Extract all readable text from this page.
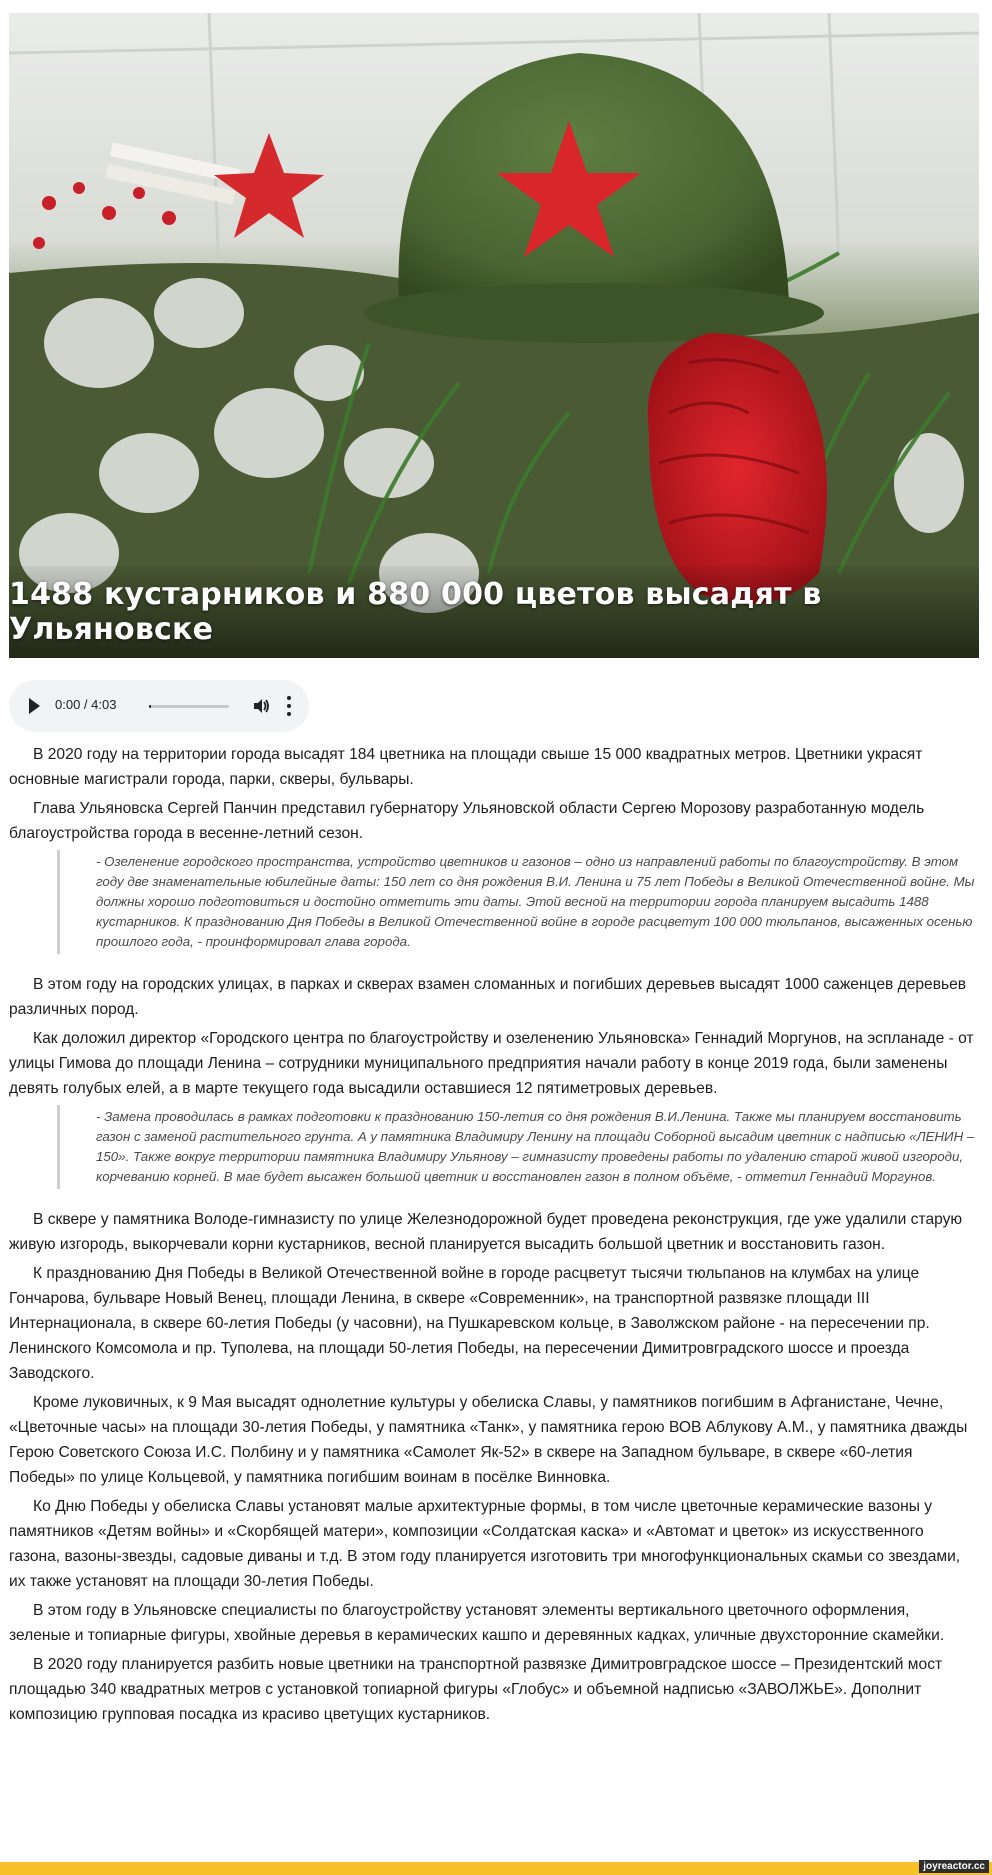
1488 кустарников и 880 000 цветов высадят в Ульяновске
0:00 / 4:03

В 2020 году на территории города высадят 184 цветника на площади свыше 15 000 квадратных метров. Цветники украсят основные магистрали города, парки, скверы, бульвары.

Глава Ульяновска Сергей Панчин представил губернатору Ульяновской области Сергею Морозову разработанную модель благоустройства города в весенне-летний сезон.

- Озеленение городского пространства, устройство цветников и газонов – одно из направлений работы по благоустройству. В этом году две знаменательные юбилейные даты: 150 лет со дня рождения В.И. Ленина и 75 лет Победы в Великой Отечественной войне. Мы должны хорошо подготовиться и достойно отметить эти даты. Этой весной на территории города планируем высадить 1488 кустарников. К празднованию Дня Победы в Великой Отечественной войне в городе расцветут 100 000 тюльпанов, высаженных осенью прошлого года, - проинформировал глава города.

В этом году на городских улицах, в парках и скверах взамен сломанных и погибших деревьев высадят 1000 саженцев деревьев различных пород.

Как доложил директор «Городского центра по благоустройству и озеленению Ульяновска» Геннадий Моргунов, на эспланаде - от улицы Гимова до площади Ленина – сотрудники муниципального предприятия начали работу в конце 2019 года, были заменены девять голубых елей, а в марте текущего года высадили оставшиеся 12 пятиметровых деревьев.

- Замена проводилась в рамках подготовки к празднованию 150-летия со дня рождения В.И.Ленина. Также мы планируем восстановить газон с заменой растительного грунта. А у памятника Владимиру Ленину на площади Соборной высадим цветник с надписью «ЛЕНИН – 150». Также вокруг территории памятника Владимиру Ульянову – гимназисту проведены работы по удалению старой живой изгороди, корчеванию корней. В мае будет высажен большой цветник и восстановлен газон в полном объёме, - отметил Геннадий Моргунов.

В сквере у памятника Володе-гимназисту по улице Железнодорожной будет проведена реконструкция, где уже удалили старую живую изгородь, выкорчевали корни кустарников, весной планируется высадить большой цветник и восстановить газон.

К празднованию Дня Победы в Великой Отечественной войне в городе расцветут тысячи тюльпанов на клумбах на улице Гончарова, бульваре Новый Венец, площади Ленина, в сквере «Современник», на транспортной развязке площади III Интернационала, в сквере 60-летия Победы (у часовни), на Пушкаревском кольце, в Заволжском районе - на пересечении пр. Ленинского Комсомола и пр. Туполева, на площади 50-летия Победы, на пересечении Димитровградского шоссе и проезда Заводского.

Кроме луковичных, к 9 Мая высадят однолетние культуры у обелиска Славы, у памятников погибшим в Афганистане, Чечне, «Цветочные часы» на площади 30-летия Победы, у памятника «Танк», у памятника герою ВОВ Аблукову А.М., у памятника дважды Герою Советского Союза И.С. Полбину и у памятника «Самолет Як-52» в сквере на Западном бульваре, в сквере «60-летия Победы» по улице Кольцевой, у памятника погибшим воинам в посёлке Винновка.

Ко Дню Победы у обелиска Славы установят малые архитектурные формы, в том числе цветочные керамические вазоны у памятников «Детям войны» и «Скорбящей матери», композиции «Солдатская каска» и «Автомат и цветок» из искусственного газона, вазоны-звезды, садовые диваны и т.д. В этом году планируется изготовить три многофункциональных скамьи со звездами, их также установят на площади 30-летия Победы.

В этом году в Ульяновске специалисты по благоустройству установят элементы вертикального цветочного оформления, зеленые и топиарные фигуры, хвойные деревья в керамических кашпо и деревянных кадках, уличные двухсторонние скамейки.

В 2020 году планируется разбить новые цветники на транспортной развязке Димитровградское шоссе – Президентский мост площадью 340 квадратных метров с установкой топиарной фигуры «Глобус» и объемной надписью «ЗАВОЛЖЬЕ». Дополнит композицию групповая посадка из красиво цветущих кустарников.

joyreactor.cc
